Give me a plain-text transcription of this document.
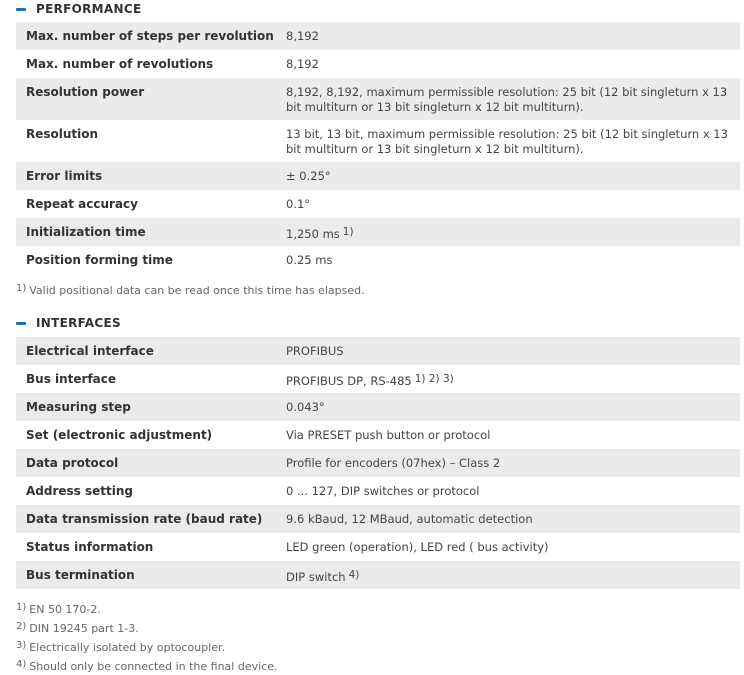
PERFORMANCE
Max. number of steps per revolution	8,192
Max. number of revolutions	8,192
Resolution power	8,192, 8,192, maximum permissible resolution: 25 bit (12 bit singleturn x 13 bit multiturn or 13 bit singleturn x 12 bit multiturn).
Resolution	13 bit, 13 bit, maximum permissible resolution: 25 bit (12 bit singleturn x 13 bit multiturn or 13 bit singleturn x 12 bit multiturn).
Error limits	± 0.25°
Repeat accuracy	0.1°
Initialization time	1,250 ms $^{1)}$
Position forming time	0.25 ms
$^{1)}$ Valid positional data can be read once this time has elapsed.
INTERFACES
Electrical interface	PROFIBUS
Bus interface	PROFIBUS DP, RS-485 $^{1) 2) 3)}$
Measuring step	0.043°
Set (electronic adjustment)	Via PRESET push button or protocol
Data protocol	Profile for encoders (07hex) – Class 2
Address setting	0 ... 127, DIP switches or protocol
Data transmission rate (baud rate)	9.6 kBaud, 12 MBaud, automatic detection
Status information	LED green (operation), LED red ( bus activity)
Bus termination	DIP switch $^{4)}$
$^{1)}$ EN 50 170-2.
$^{2)}$ DIN 19245 part 1-3.
$^{3)}$ Electrically isolated by optocoupler.
$^{4)}$ Should only be connected in the final device.
